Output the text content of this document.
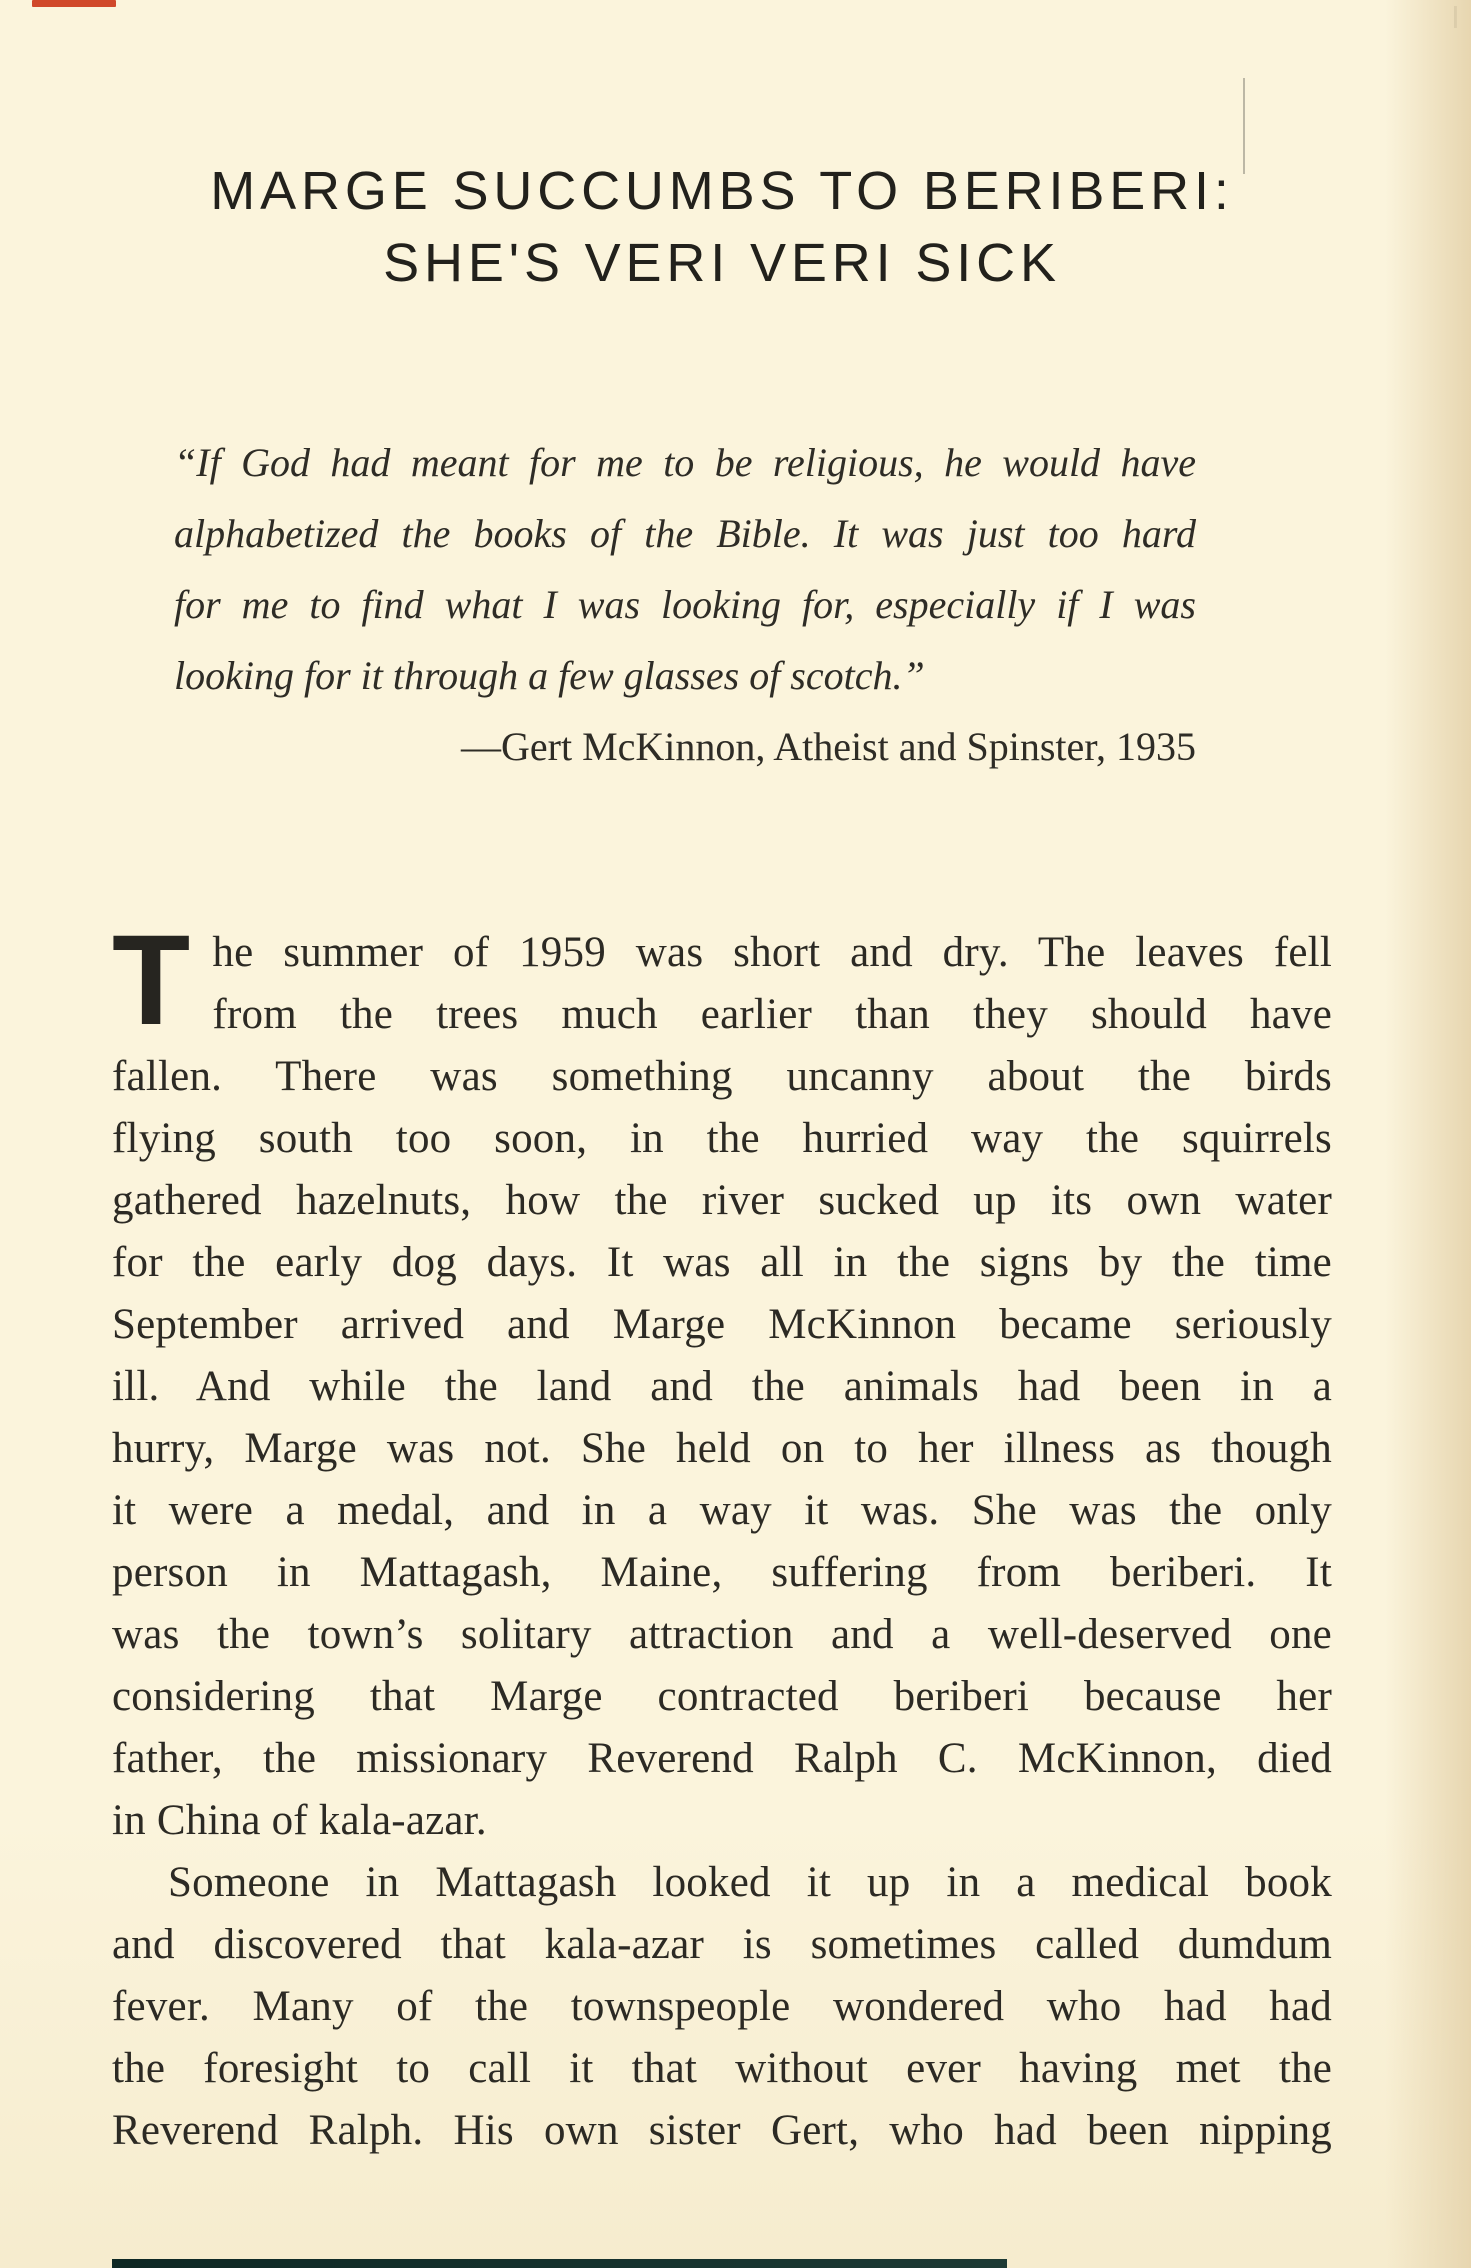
MARGE SUCCUMBS TO BERIBERI:
SHE'S VERI VERI SICK
“If God had meant for me to be religious, he would have
alphabetized the books of the Bible. It was just too hard
for me to find what I was looking for, especially if I was
looking for it through a few glasses of scotch.”
—Gert McKinnon, Atheist and Spinster, 1935
T he summer of 1959 was short and dry. The leaves fell
from the trees much earlier than they should have
fallen. There was something uncanny about the birds
flying south too soon, in the hurried way the squirrels
gathered hazelnuts, how the river sucked up its own water
for the early dog days. It was all in the signs by the time
September arrived and Marge McKinnon became seriously
ill. And while the land and the animals had been in a
hurry, Marge was not. She held on to her illness as though
it were a medal, and in a way it was. She was the only
person in Mattagash, Maine, suffering from beriberi. It
was the town’s solitary attraction and a well-deserved one
considering that Marge contracted beriberi because her
father, the missionary Reverend Ralph C. McKinnon, died
in China of kala-azar.
Someone in Mattagash looked it up in a medical book
and discovered that kala-azar is sometimes called dumdum
fever. Many of the townspeople wondered who had had
the foresight to call it that without ever having met the
Reverend Ralph. His own sister Gert, who had been nipping
